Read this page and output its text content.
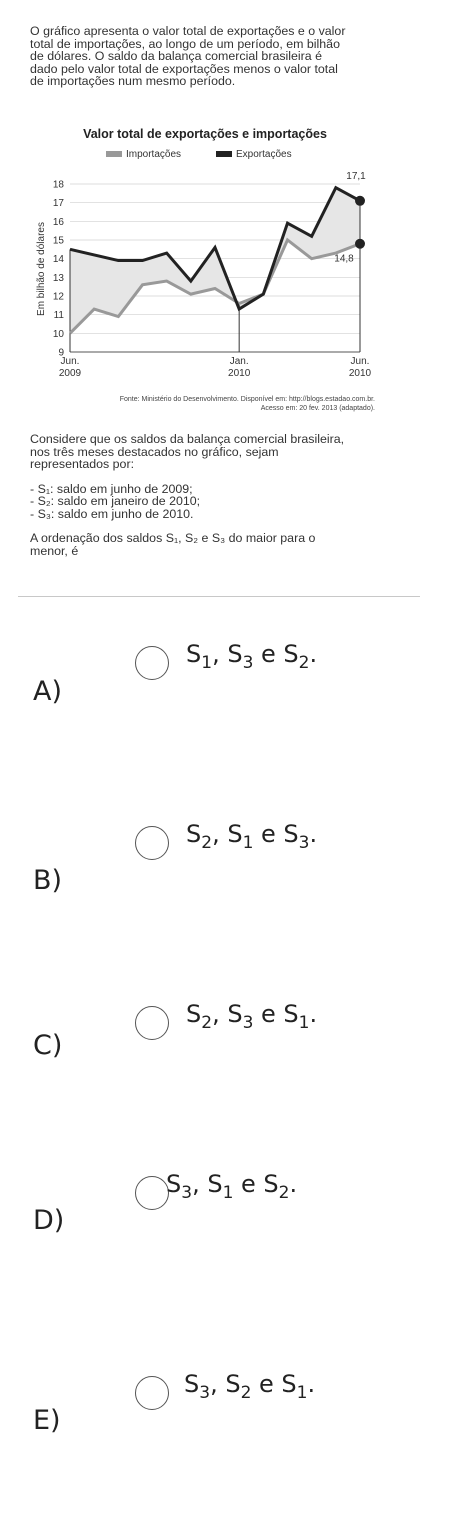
O gráfico apresenta o valor total de exportações e o valor

total de importações, ao longo de um período, em bilhão

de dólares. O saldo da balança comercial brasileira é

dado pelo valor total de exportações menos o valor total

de importações num mesmo período.

Valor total de exportações e importações
Importações	Exportações
Em bilhão de dólares
9
10
11
12
13
14
15
16
17
18
Jun.
2009
Jan.
2010
Jun.
2010
17,1
14,8
Fonte: Ministério do Desenvolvimento. Disponível em: http://blogs.estadao.com.br.
Acesso em: 20 fev. 2013 (adaptado).

Considere que os saldos da balança comercial brasileira,

nos três meses destacados no gráfico, sejam

representados por:

- S₁: saldo em junho de 2009;

- S₂: saldo em janeiro de 2010;

- S₃: saldo em junho de 2010.

A ordenação dos saldos S₁, S₂ e S₃ do maior para o

menor, é

A)
$S_1$, $S_3$ e $S_2$.
B)
$S_2$, $S_1$ e $S_3$.
C)
$S_2$, $S_3$ e $S_1$.
D)
$S_3$, $S_1$ e $S_2$.
E)
$S_3$, $S_2$ e $S_1$.
